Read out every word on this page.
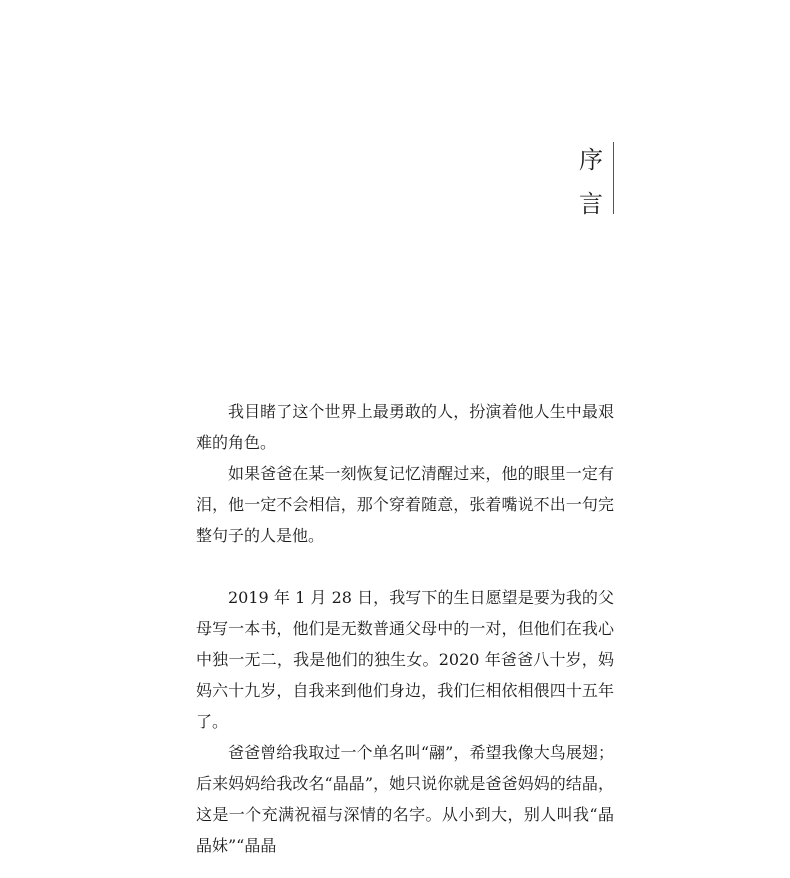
序
言

我目睹了这个世界上最勇敢的人，扮演着他人生中最艰难的角色。

如果爸爸在某一刻恢复记忆清醒过来，他的眼里一定有泪，他一定不会相信，那个穿着随意，张着嘴说不出一句完整句子的人是他。

2019 年 1 月 28 日，我写下的生日愿望是要为我的父母写一本书，他们是无数普通父母中的一对，但他们在我心中独一无二，我是他们的独生女。2020 年爸爸八十岁，妈妈六十九岁，自我来到他们身边，我们仨相依相偎四十五年了。

爸爸曾给我取过一个单名叫“翮”，希望我像大鸟展翅；后来妈妈给我改名“晶晶”，她只说你就是爸爸妈妈的结晶，这是一个充满祝福与深情的名字。从小到大，别人叫我“晶晶妹”“晶晶
